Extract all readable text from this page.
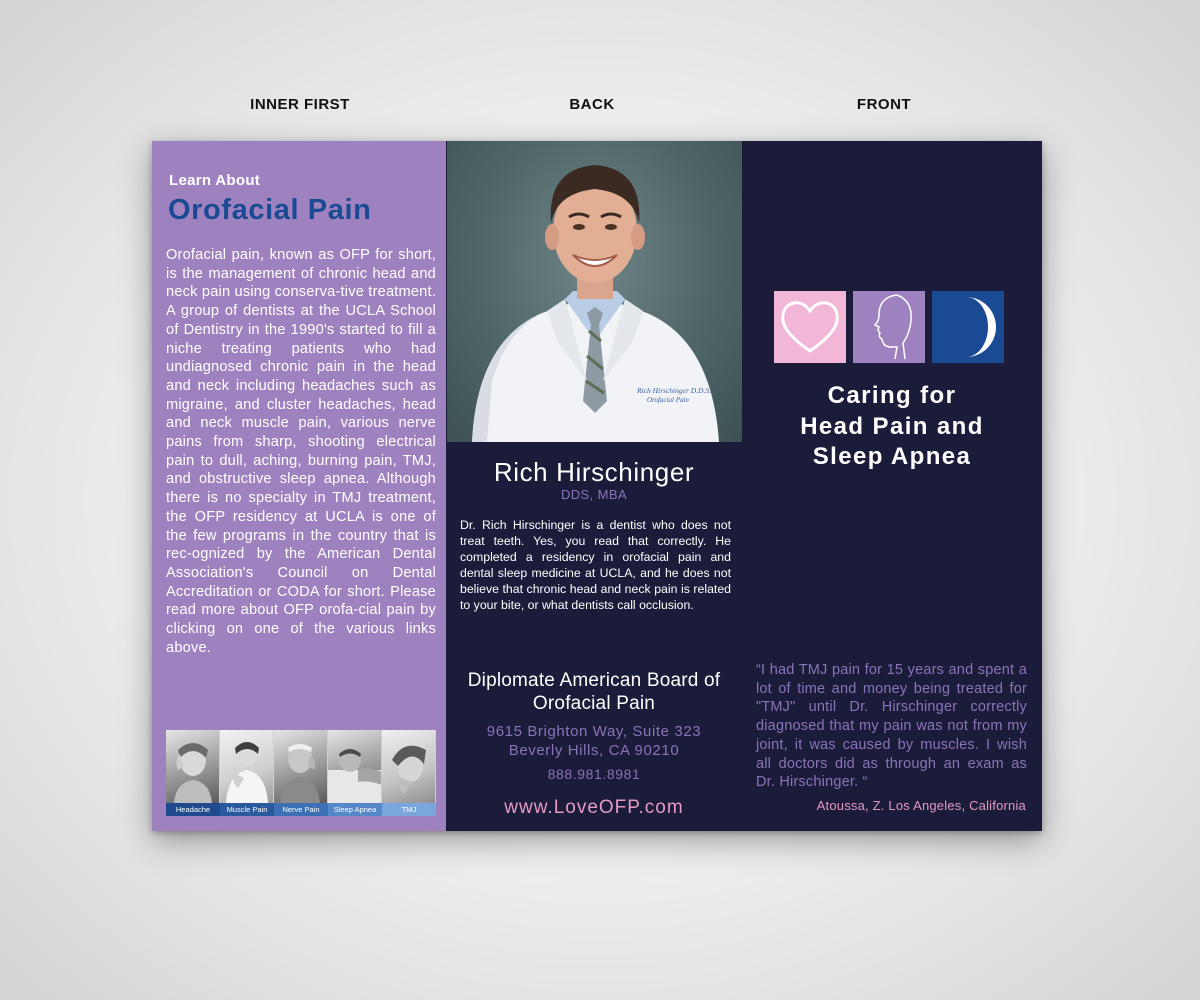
INNER FIRST	BACK	FRONT
Learn About
Orofacial Pain
Orofacial pain, known as OFP for short, is the management of chronic head and neck pain using conserva-tive treatment. A group of dentists at the UCLA School of Dentistry in the 1990's started to fill a niche treating patients who had undiagnosed chronic pain in the head and neck including headaches such as migraine, and cluster headaches, head and neck muscle pain, various nerve pains from sharp, shooting electrical pain to dull, aching, burning pain, TMJ, and obstructive sleep apnea. Although there is no specialty in TMJ treatment, the OFP residency at UCLA is one of the few programs in the country that is rec-ognized by the American Dental Association's Council on Dental Accreditation or CODA for short. Please read more about OFP orofa-cial pain by clicking on one of the various links above.
Headache	Muscle Pain	Nerve Pain	Sleep Apnea	TMJ
Rich Hirschinger D.D.S.
Orofacial Pain
Rich Hirschinger
DDS, MBA
Dr. Rich Hirschinger is a dentist who does not treat teeth. Yes, you read that correctly. He completed a residency in orofacial pain and dental sleep medicine at UCLA, and he does not believe that chronic head and neck pain is related to your bite, or what dentists call occlusion.
Diplomate American Board of
Orofacial Pain
9615 Brighton Way, Suite 323
Beverly Hills, CA 90210
888.981.8981
www.LoveOFP.com
Caring for
Head Pain and
Sleep Apnea
“I had TMJ pain for 15 years and spent a lot of time and money being treated for "TMJ" until Dr. Hirschinger correctly diagnosed that my pain was not from my joint, it was caused by muscles. I wish all doctors did as through an exam as Dr. Hirschinger. “
Atoussa, Z. Los Angeles, California
